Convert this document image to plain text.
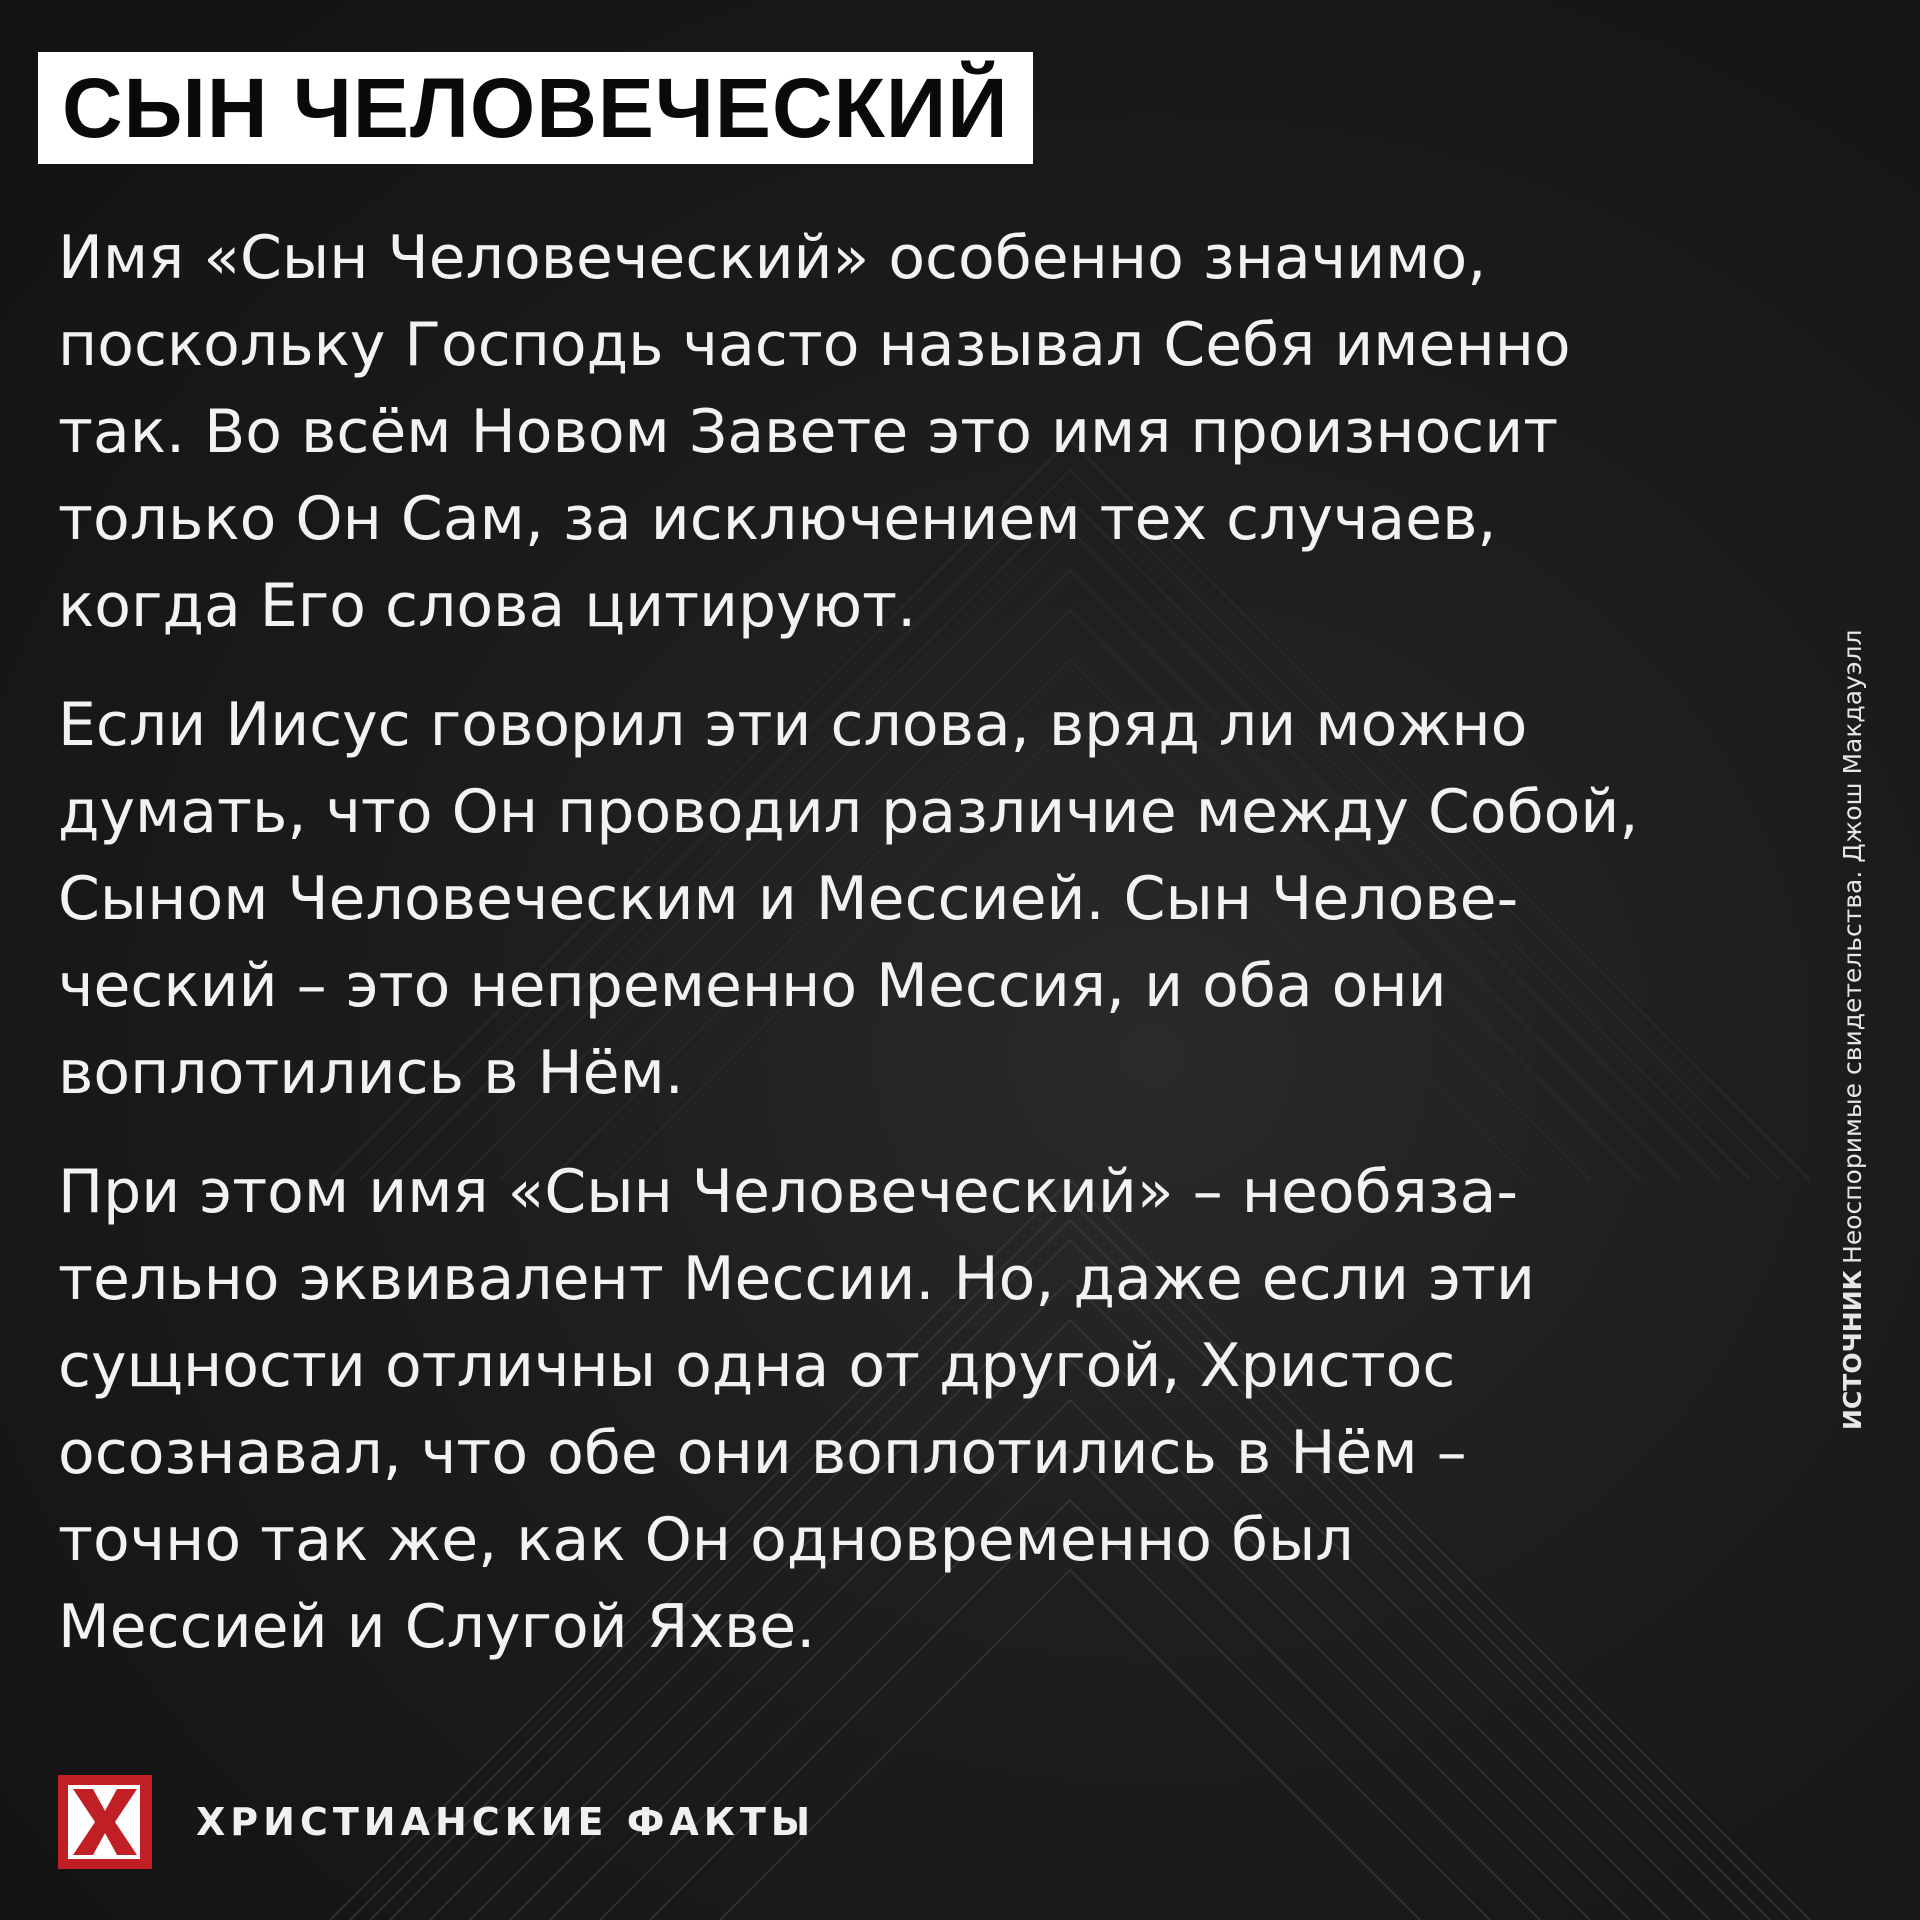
СЫН ЧЕЛОВЕЧЕСКИЙ

Имя «Сын Человеческий» особенно значимо,
поскольку Господь часто называл Себя именно
так. Во всём Новом Завете это имя произносит
только Он Сам, за исключением тех случаев,
когда Его слова цитируют.

Если Иисус говорил эти слова, вряд ли можно
думать, что Он проводил различие между Собой,
Сыном Человеческим и Мессией. Сын Челове-
ческий – это непременно Мессия, и оба они
воплотились в Нём.

При этом имя «Сын Человеческий» – необяза-
тельно эквивалент Мессии. Но, даже если эти
сущности отличны одна от другой, Христос
осознавал, что обе они воплотились в Нём –
точно так же, как Он одновременно был
Мессией и Слугой Яхве.

ИСТОЧНИКНеоспоримые свидетельства. Джош Макдауэлл
ХРИСТИАНСКИЕ ФАКТЫ
